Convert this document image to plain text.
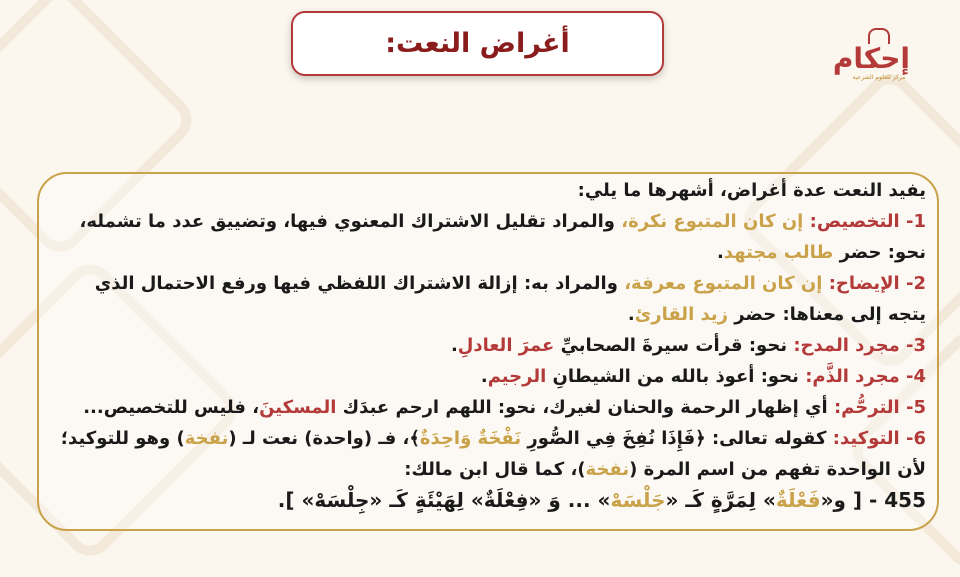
أغراض النعت:	إحكام
مركز للعلوم الشرعية
يفيد النعت عدة أغراض، أشهرها ما يلي:
1- التخصيص: إن كان المتبوع نكرة، والمراد تقليل الاشتراك المعنوي فيها، وتضييق عدد ما تشمله،
نحو: حضر طالب مجتهد.
2- الإيضاح: إن كان المتبوع معرفة، والمراد به: إزالة الاشتراك اللفظي فيها ورفع الاحتمال الذي
يتجه إلى معناها: حضر زيد القارئ.
3- مجرد المدح: نحو: قرأت سيرةَ الصحابيِّ عمرَ العادلِ.
4- مجرد الذَّم: نحو: أعوذ بالله من الشيطانِ الرجيم.
5- الترحُّم: أي إظهار الرحمة والحنان لغيرك، نحو: اللهم ارحم عبدَك المسكينَ، فليس للتخصيص...
6- التوكيد: كقوله تعالى: ﴿فَإِذَا نُفِخَ فِي الصُّورِ نَفْخَةٌ وَاحِدَةٌ﴾، فـ (واحدة) نعت لـ (نفخة) وهو للتوكيد؛
لأن الواحدة تفهم من اسم المرة (نفخة)، كما قال ابن مالك:
455 - [ و«فَعْلَةٌ» لِمَرَّةٍ كَـ «جَلْسَهْ» ... وَ «فِعْلَةٌ» لِهَيْئَةٍ كَـ «جِلْسَهْ» ].
